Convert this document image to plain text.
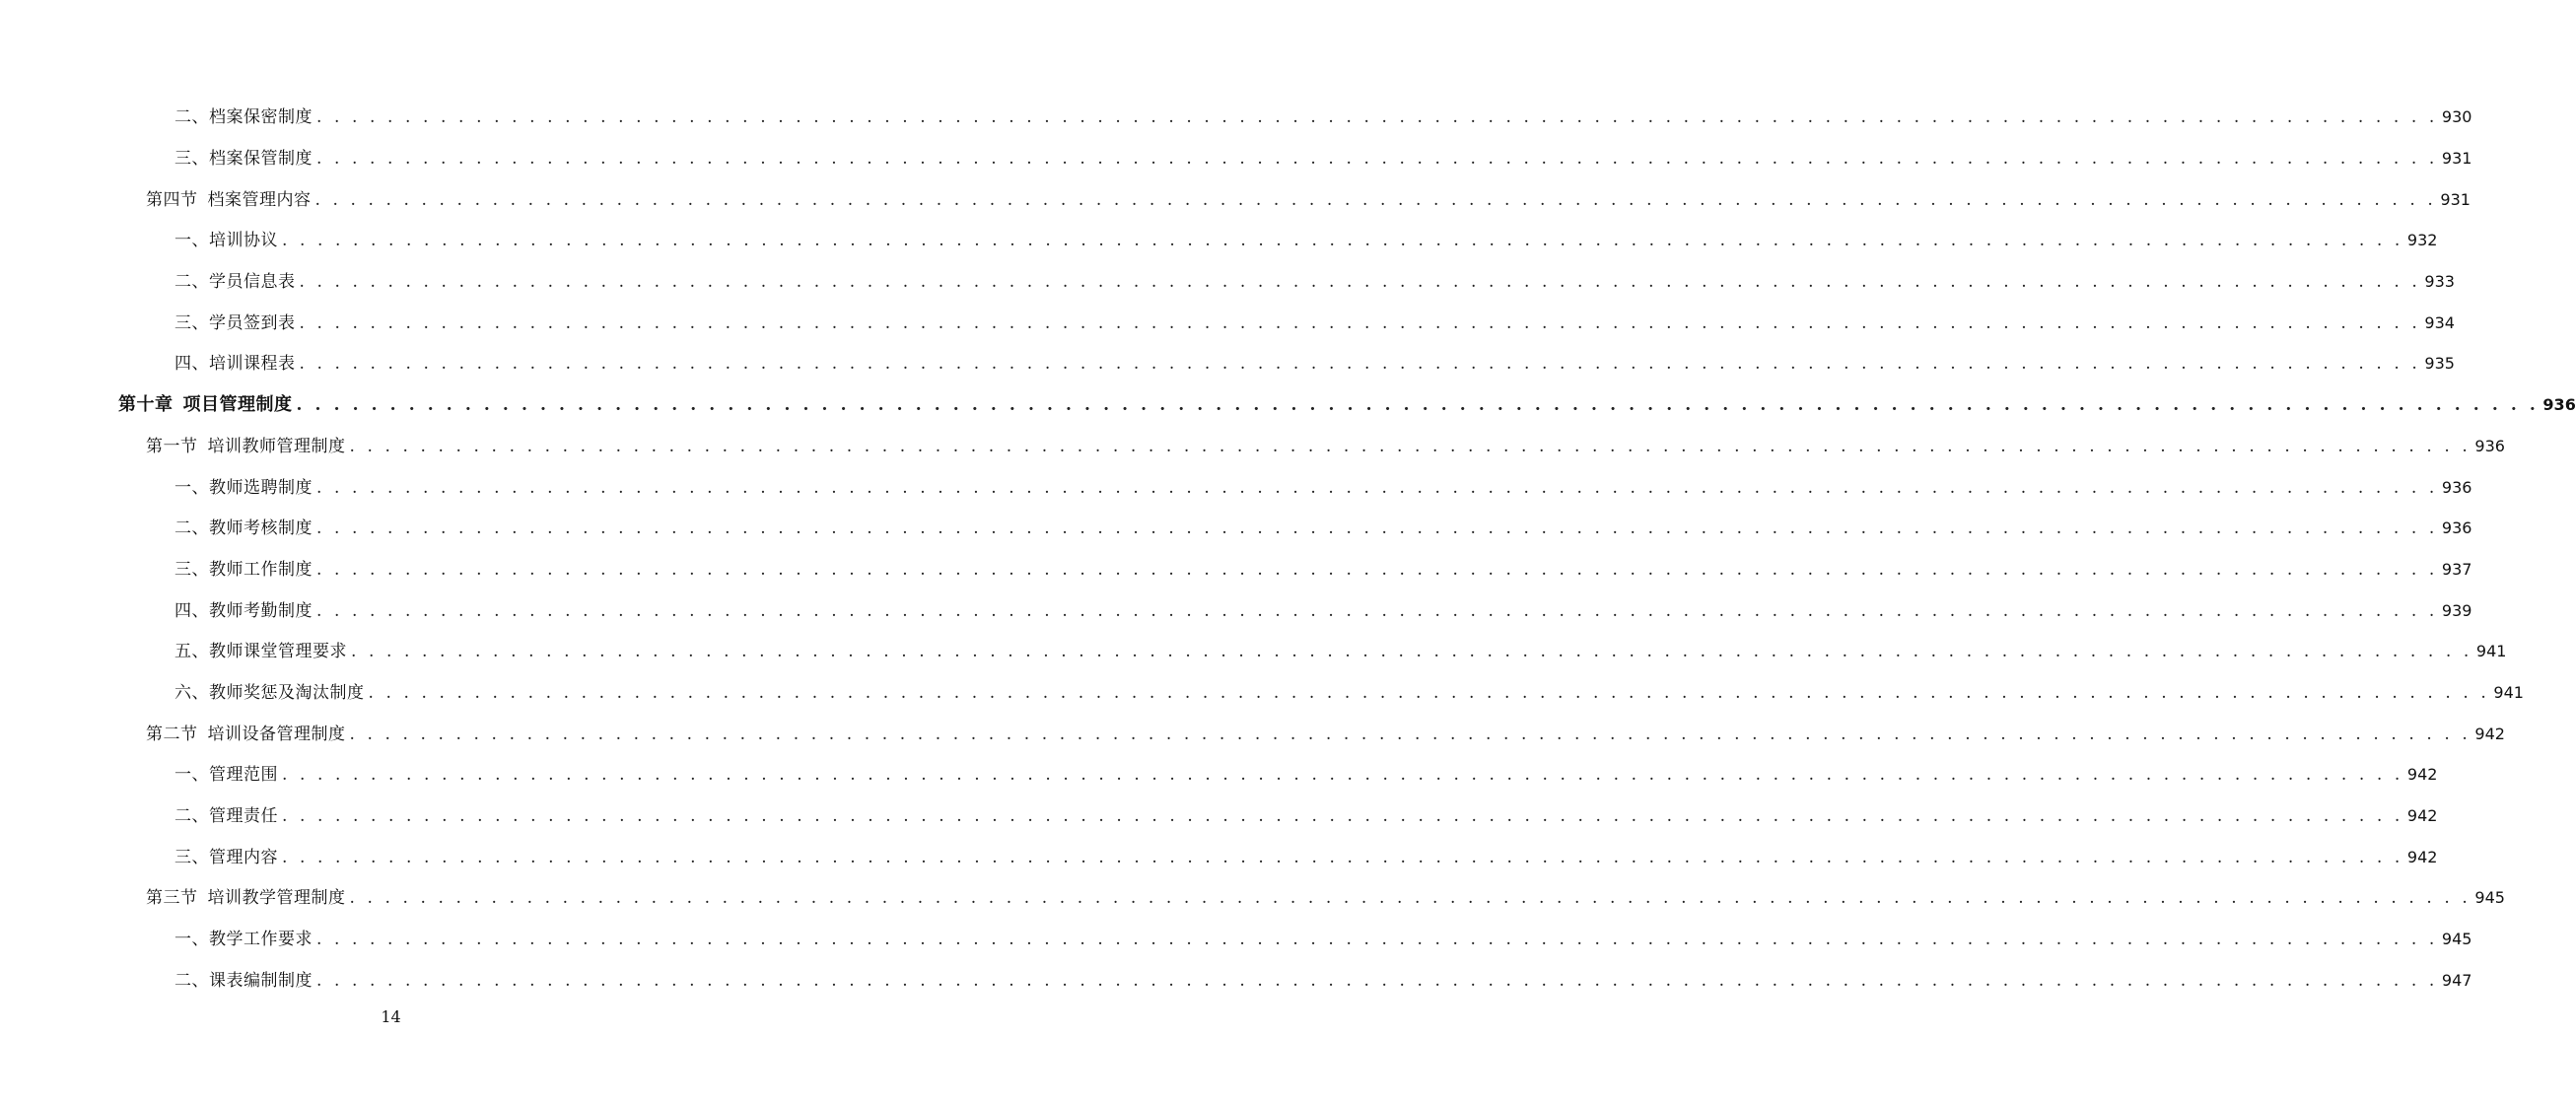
二、档案保密制度 . . . . . . . . . . . . . . . . . . . . . . . . . . . . . . . . . . . . . . . . . . . . . . . . . . . . . . . . . . . . . . . . . . . . . . . . . . . . . . . . . . . . . . . . . . . . . . . . . . . . . . . . . . . . . . . . . . . . . . . . 930
三、档案保管制度 . . . . . . . . . . . . . . . . . . . . . . . . . . . . . . . . . . . . . . . . . . . . . . . . . . . . . . . . . . . . . . . . . . . . . . . . . . . . . . . . . . . . . . . . . . . . . . . . . . . . . . . . . . . . . . . . . . . . . . . . 931
第四节 档案管理内容 . . . . . . . . . . . . . . . . . . . . . . . . . . . . . . . . . . . . . . . . . . . . . . . . . . . . . . . . . . . . . . . . . . . . . . . . . . . . . . . . . . . . . . . . . . . . . . . . . . . . . . . . . . . . . . . . . . . . . . . . 931
一、培训协议 . . . . . . . . . . . . . . . . . . . . . . . . . . . . . . . . . . . . . . . . . . . . . . . . . . . . . . . . . . . . . . . . . . . . . . . . . . . . . . . . . . . . . . . . . . . . . . . . . . . . . . . . . . . . . . . . . . . . . . . . 932
二、学员信息表 . . . . . . . . . . . . . . . . . . . . . . . . . . . . . . . . . . . . . . . . . . . . . . . . . . . . . . . . . . . . . . . . . . . . . . . . . . . . . . . . . . . . . . . . . . . . . . . . . . . . . . . . . . . . . . . . . . . . . . . . 933
三、学员签到表 . . . . . . . . . . . . . . . . . . . . . . . . . . . . . . . . . . . . . . . . . . . . . . . . . . . . . . . . . . . . . . . . . . . . . . . . . . . . . . . . . . . . . . . . . . . . . . . . . . . . . . . . . . . . . . . . . . . . . . . . 934
四、培训课程表 . . . . . . . . . . . . . . . . . . . . . . . . . . . . . . . . . . . . . . . . . . . . . . . . . . . . . . . . . . . . . . . . . . . . . . . . . . . . . . . . . . . . . . . . . . . . . . . . . . . . . . . . . . . . . . . . . . . . . . . . 935
第十章 项目管理制度 . . . . . . . . . . . . . . . . . . . . . . . . . . . . . . . . . . . . . . . . . . . . . . . . . . . . . . . . . . . . . . . . . . . . . . . . . . . . . . . . . . . . . . . . . . . . . . . . . . . . . . . . . . . . . . . . . . . . . . . . 936
第一节 培训教师管理制度 . . . . . . . . . . . . . . . . . . . . . . . . . . . . . . . . . . . . . . . . . . . . . . . . . . . . . . . . . . . . . . . . . . . . . . . . . . . . . . . . . . . . . . . . . . . . . . . . . . . . . . . . . . . . . . . . . . . . . . . . 936
一、教师选聘制度 . . . . . . . . . . . . . . . . . . . . . . . . . . . . . . . . . . . . . . . . . . . . . . . . . . . . . . . . . . . . . . . . . . . . . . . . . . . . . . . . . . . . . . . . . . . . . . . . . . . . . . . . . . . . . . . . . . . . . . . . 936
二、教师考核制度 . . . . . . . . . . . . . . . . . . . . . . . . . . . . . . . . . . . . . . . . . . . . . . . . . . . . . . . . . . . . . . . . . . . . . . . . . . . . . . . . . . . . . . . . . . . . . . . . . . . . . . . . . . . . . . . . . . . . . . . . 936
三、教师工作制度 . . . . . . . . . . . . . . . . . . . . . . . . . . . . . . . . . . . . . . . . . . . . . . . . . . . . . . . . . . . . . . . . . . . . . . . . . . . . . . . . . . . . . . . . . . . . . . . . . . . . . . . . . . . . . . . . . . . . . . . . 937
四、教师考勤制度 . . . . . . . . . . . . . . . . . . . . . . . . . . . . . . . . . . . . . . . . . . . . . . . . . . . . . . . . . . . . . . . . . . . . . . . . . . . . . . . . . . . . . . . . . . . . . . . . . . . . . . . . . . . . . . . . . . . . . . . . 939
五、教师课堂管理要求 . . . . . . . . . . . . . . . . . . . . . . . . . . . . . . . . . . . . . . . . . . . . . . . . . . . . . . . . . . . . . . . . . . . . . . . . . . . . . . . . . . . . . . . . . . . . . . . . . . . . . . . . . . . . . . . . . . . . . . . . 941
六、教师奖惩及淘汰制度 . . . . . . . . . . . . . . . . . . . . . . . . . . . . . . . . . . . . . . . . . . . . . . . . . . . . . . . . . . . . . . . . . . . . . . . . . . . . . . . . . . . . . . . . . . . . . . . . . . . . . . . . . . . . . . . . . . . . . . . . 941
第二节 培训设备管理制度 . . . . . . . . . . . . . . . . . . . . . . . . . . . . . . . . . . . . . . . . . . . . . . . . . . . . . . . . . . . . . . . . . . . . . . . . . . . . . . . . . . . . . . . . . . . . . . . . . . . . . . . . . . . . . . . . . . . . . . . . 942
一、管理范围 . . . . . . . . . . . . . . . . . . . . . . . . . . . . . . . . . . . . . . . . . . . . . . . . . . . . . . . . . . . . . . . . . . . . . . . . . . . . . . . . . . . . . . . . . . . . . . . . . . . . . . . . . . . . . . . . . . . . . . . . 942
二、管理责任 . . . . . . . . . . . . . . . . . . . . . . . . . . . . . . . . . . . . . . . . . . . . . . . . . . . . . . . . . . . . . . . . . . . . . . . . . . . . . . . . . . . . . . . . . . . . . . . . . . . . . . . . . . . . . . . . . . . . . . . . 942
三、管理内容 . . . . . . . . . . . . . . . . . . . . . . . . . . . . . . . . . . . . . . . . . . . . . . . . . . . . . . . . . . . . . . . . . . . . . . . . . . . . . . . . . . . . . . . . . . . . . . . . . . . . . . . . . . . . . . . . . . . . . . . . 942
第三节 培训教学管理制度 . . . . . . . . . . . . . . . . . . . . . . . . . . . . . . . . . . . . . . . . . . . . . . . . . . . . . . . . . . . . . . . . . . . . . . . . . . . . . . . . . . . . . . . . . . . . . . . . . . . . . . . . . . . . . . . . . . . . . . . . 945
一、教学工作要求 . . . . . . . . . . . . . . . . . . . . . . . . . . . . . . . . . . . . . . . . . . . . . . . . . . . . . . . . . . . . . . . . . . . . . . . . . . . . . . . . . . . . . . . . . . . . . . . . . . . . . . . . . . . . . . . . . . . . . . . . 945
二、课表编制制度 . . . . . . . . . . . . . . . . . . . . . . . . . . . . . . . . . . . . . . . . . . . . . . . . . . . . . . . . . . . . . . . . . . . . . . . . . . . . . . . . . . . . . . . . . . . . . . . . . . . . . . . . . . . . . . . . . . . . . . . . 947
14
